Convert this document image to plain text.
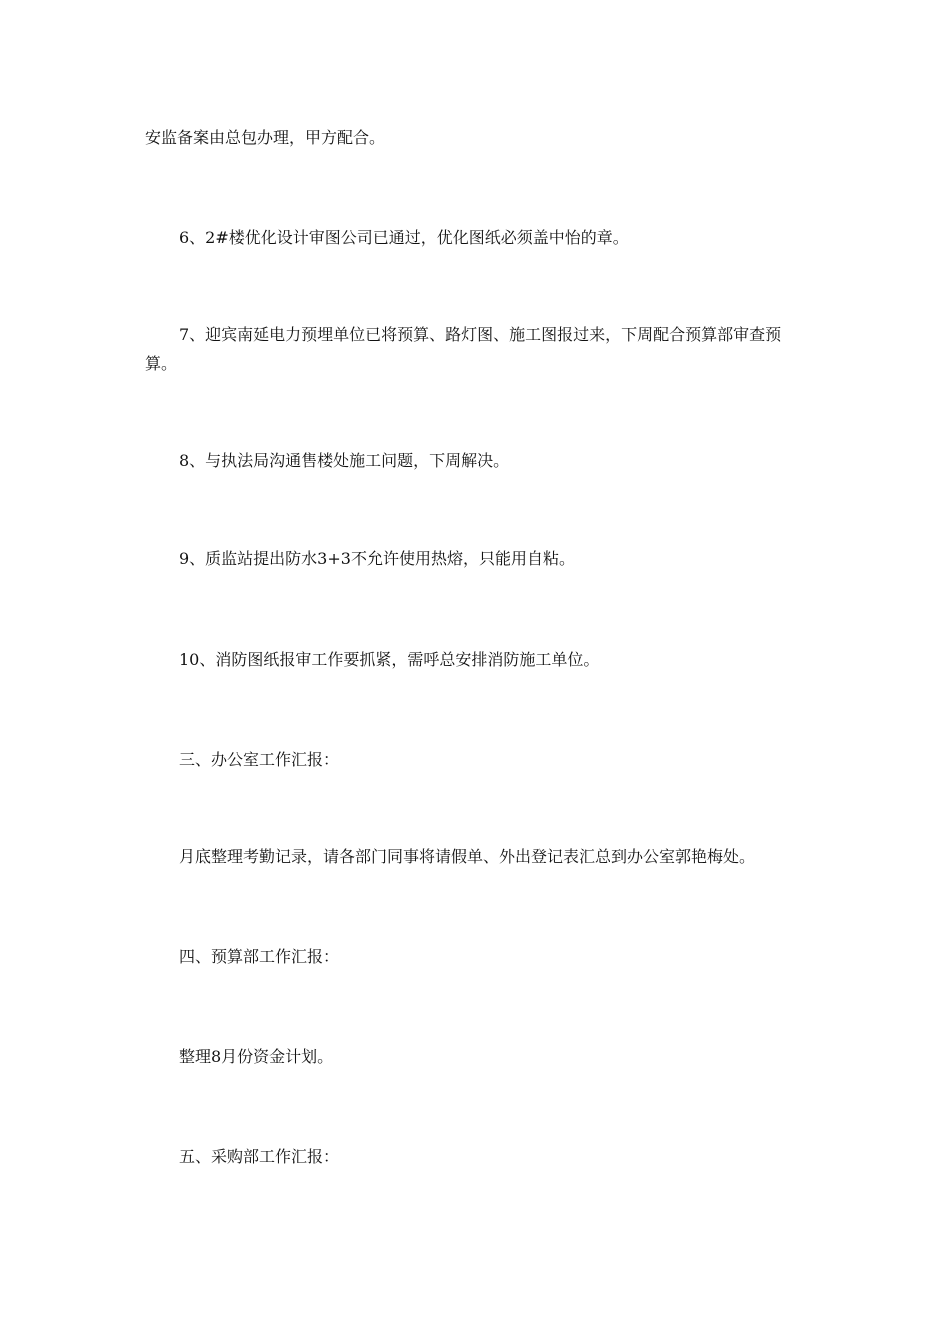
安监备案由总包办理，甲方配合。

6、2#楼优化设计审图公司已通过，优化图纸必须盖中怡的章。

7、迎宾南延电力预埋单位已将预算、路灯图、施工图报过来，下周配合预算部审查预算。

8、与执法局沟通售楼处施工问题，下周解决。

9、质监站提出防水3+3不允许使用热熔，只能用自粘。

10、消防图纸报审工作要抓紧，需呼总安排消防施工单位。

三、办公室工作汇报：

月底整理考勤记录，请各部门同事将请假单、外出登记表汇总到办公室郭艳梅处。

四、预算部工作汇报：

整理8月份资金计划。

五、采购部工作汇报：
